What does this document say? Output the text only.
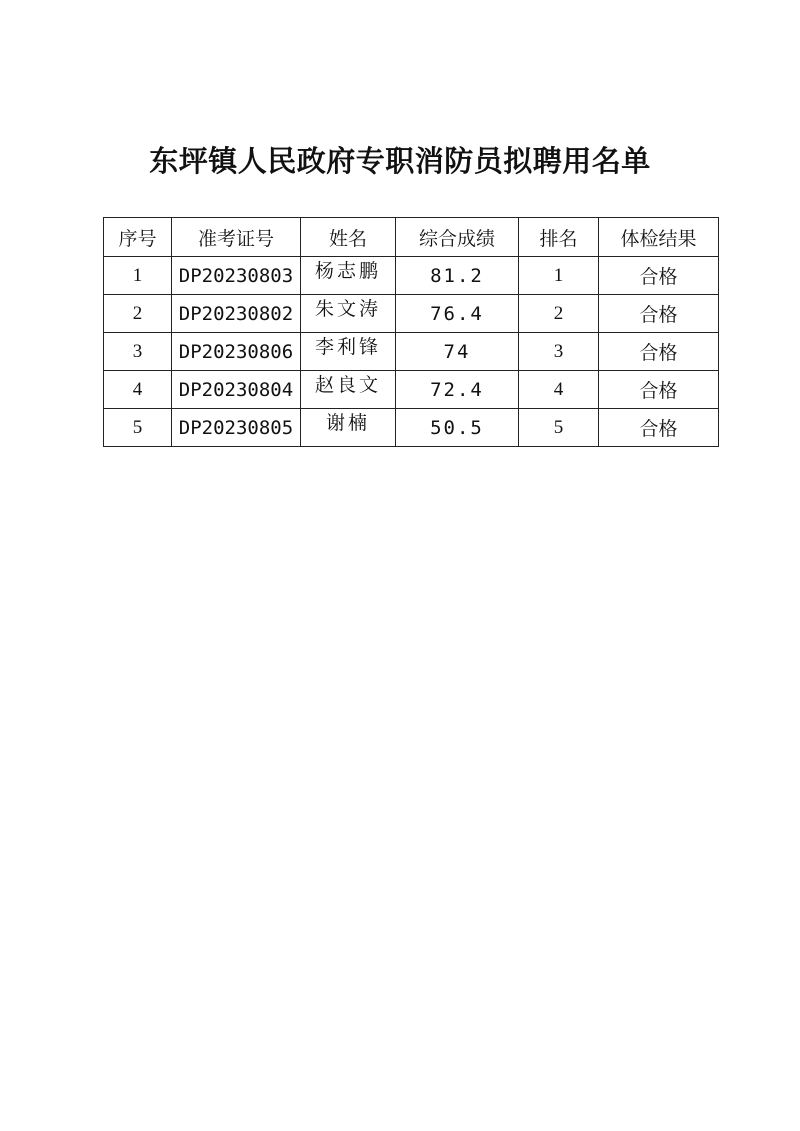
东坪镇人民政府专职消防员拟聘用名单
序号	准考证号	姓名	综合成绩	排名	体检结果
1	DP20230803	杨志鹏	81.2	1	合格
2	DP20230802	朱文涛	76.4	2	合格
3	DP20230806	李利锋	74	3	合格
4	DP20230804	赵良文	72.4	4	合格
5	DP20230805	谢楠	50.5	5	合格
